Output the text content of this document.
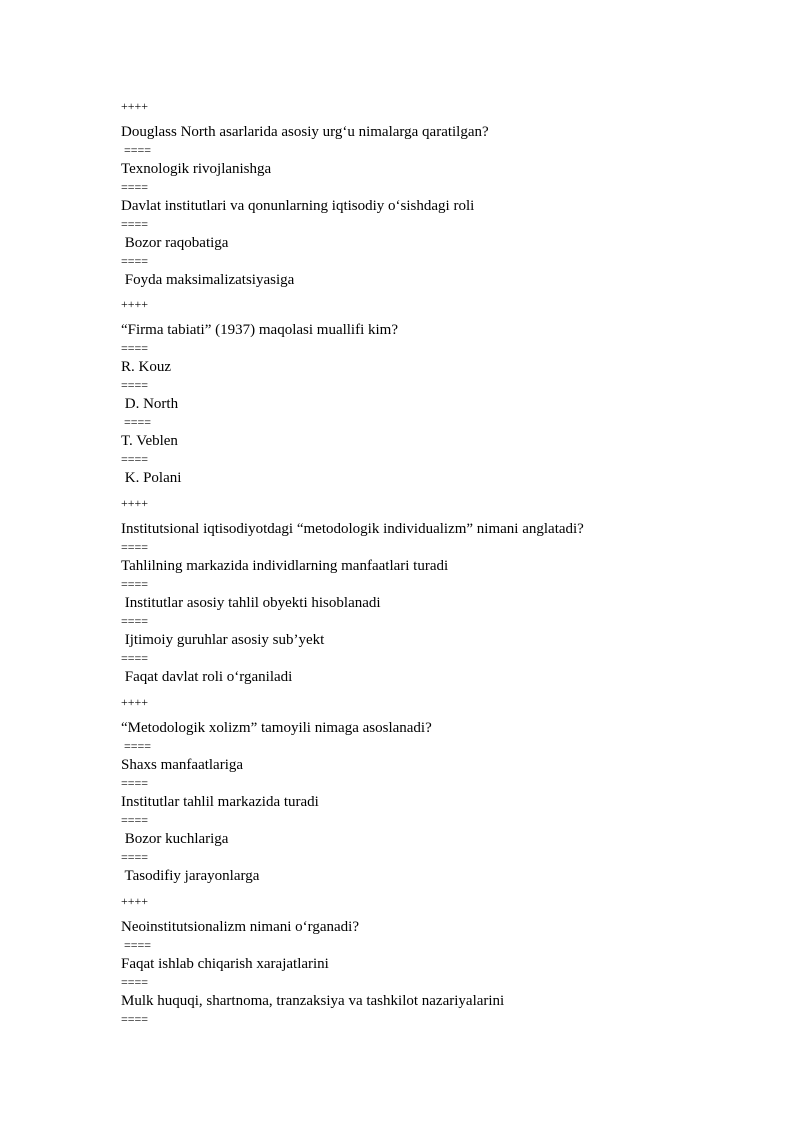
++++
Douglass North asarlarida asosiy urg‘u nimalarga qaratilgan?
====
Texnologik rivojlanishga
====
Davlat institutlari va qonunlarning iqtisodiy o‘sishdagi roli
====
Bozor raqobatiga
====
Foyda maksimalizatsiyasiga
++++
“Firma tabiati” (1937) maqolasi muallifi kim?
====
R. Kouz
====
D. North
====
T. Veblen
====
K. Polani
++++
Institutsional iqtisodiyotdagi “metodologik individualizm” nimani anglatadi?
====
Tahlilning markazida individlarning manfaatlari turadi
====
Institutlar asosiy tahlil obyekti hisoblanadi
====
Ijtimoiy guruhlar asosiy sub’yekt
====
Faqat davlat roli o‘rganiladi
++++
“Metodologik xolizm” tamoyili nimaga asoslanadi?
====
Shaxs manfaatlariga
====
Institutlar tahlil markazida turadi
====
Bozor kuchlariga
====
Tasodifiy jarayonlarga
++++
Neoinstitutsionalizm nimani o‘rganadi?
====
Faqat ishlab chiqarish xarajatlarini
====
Mulk huquqi, shartnoma, tranzaksiya va tashkilot nazariyalarini
====
